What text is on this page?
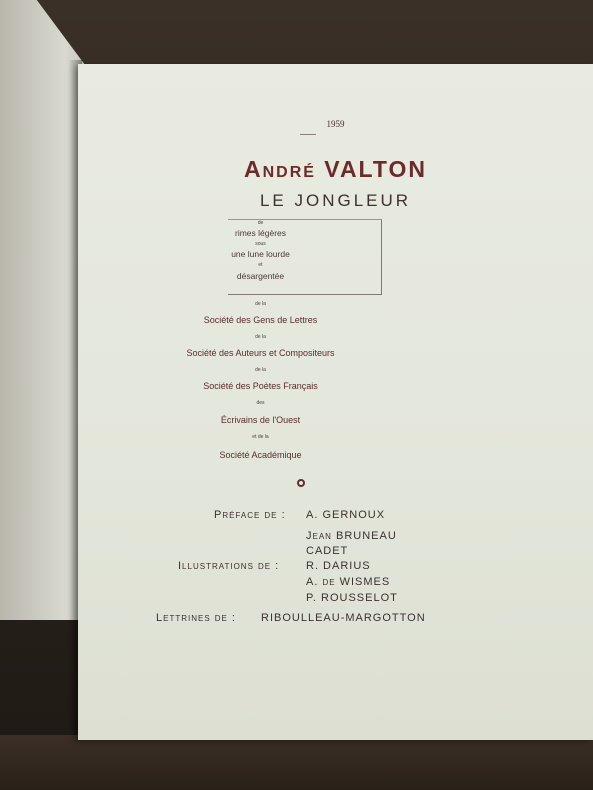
1959
André VALTON
LE JONGLEUR
de
rimes légères
sous
une lune lourde
et
désargentée
de la
Société des Gens de Lettres
de la
Société des Auteurs et Compositeurs
de la
Société des Poètes Français
des
Écrivains de l'Ouest
et de la
Société Académique
Préface de : A. GERNOUX
Jean BRUNEAU
CADET
Illustrations de : R. DARIUS
A. de WISMES
P. ROUSSELOT
Lettrines de : RIBOULLEAU-MARGOTTON
